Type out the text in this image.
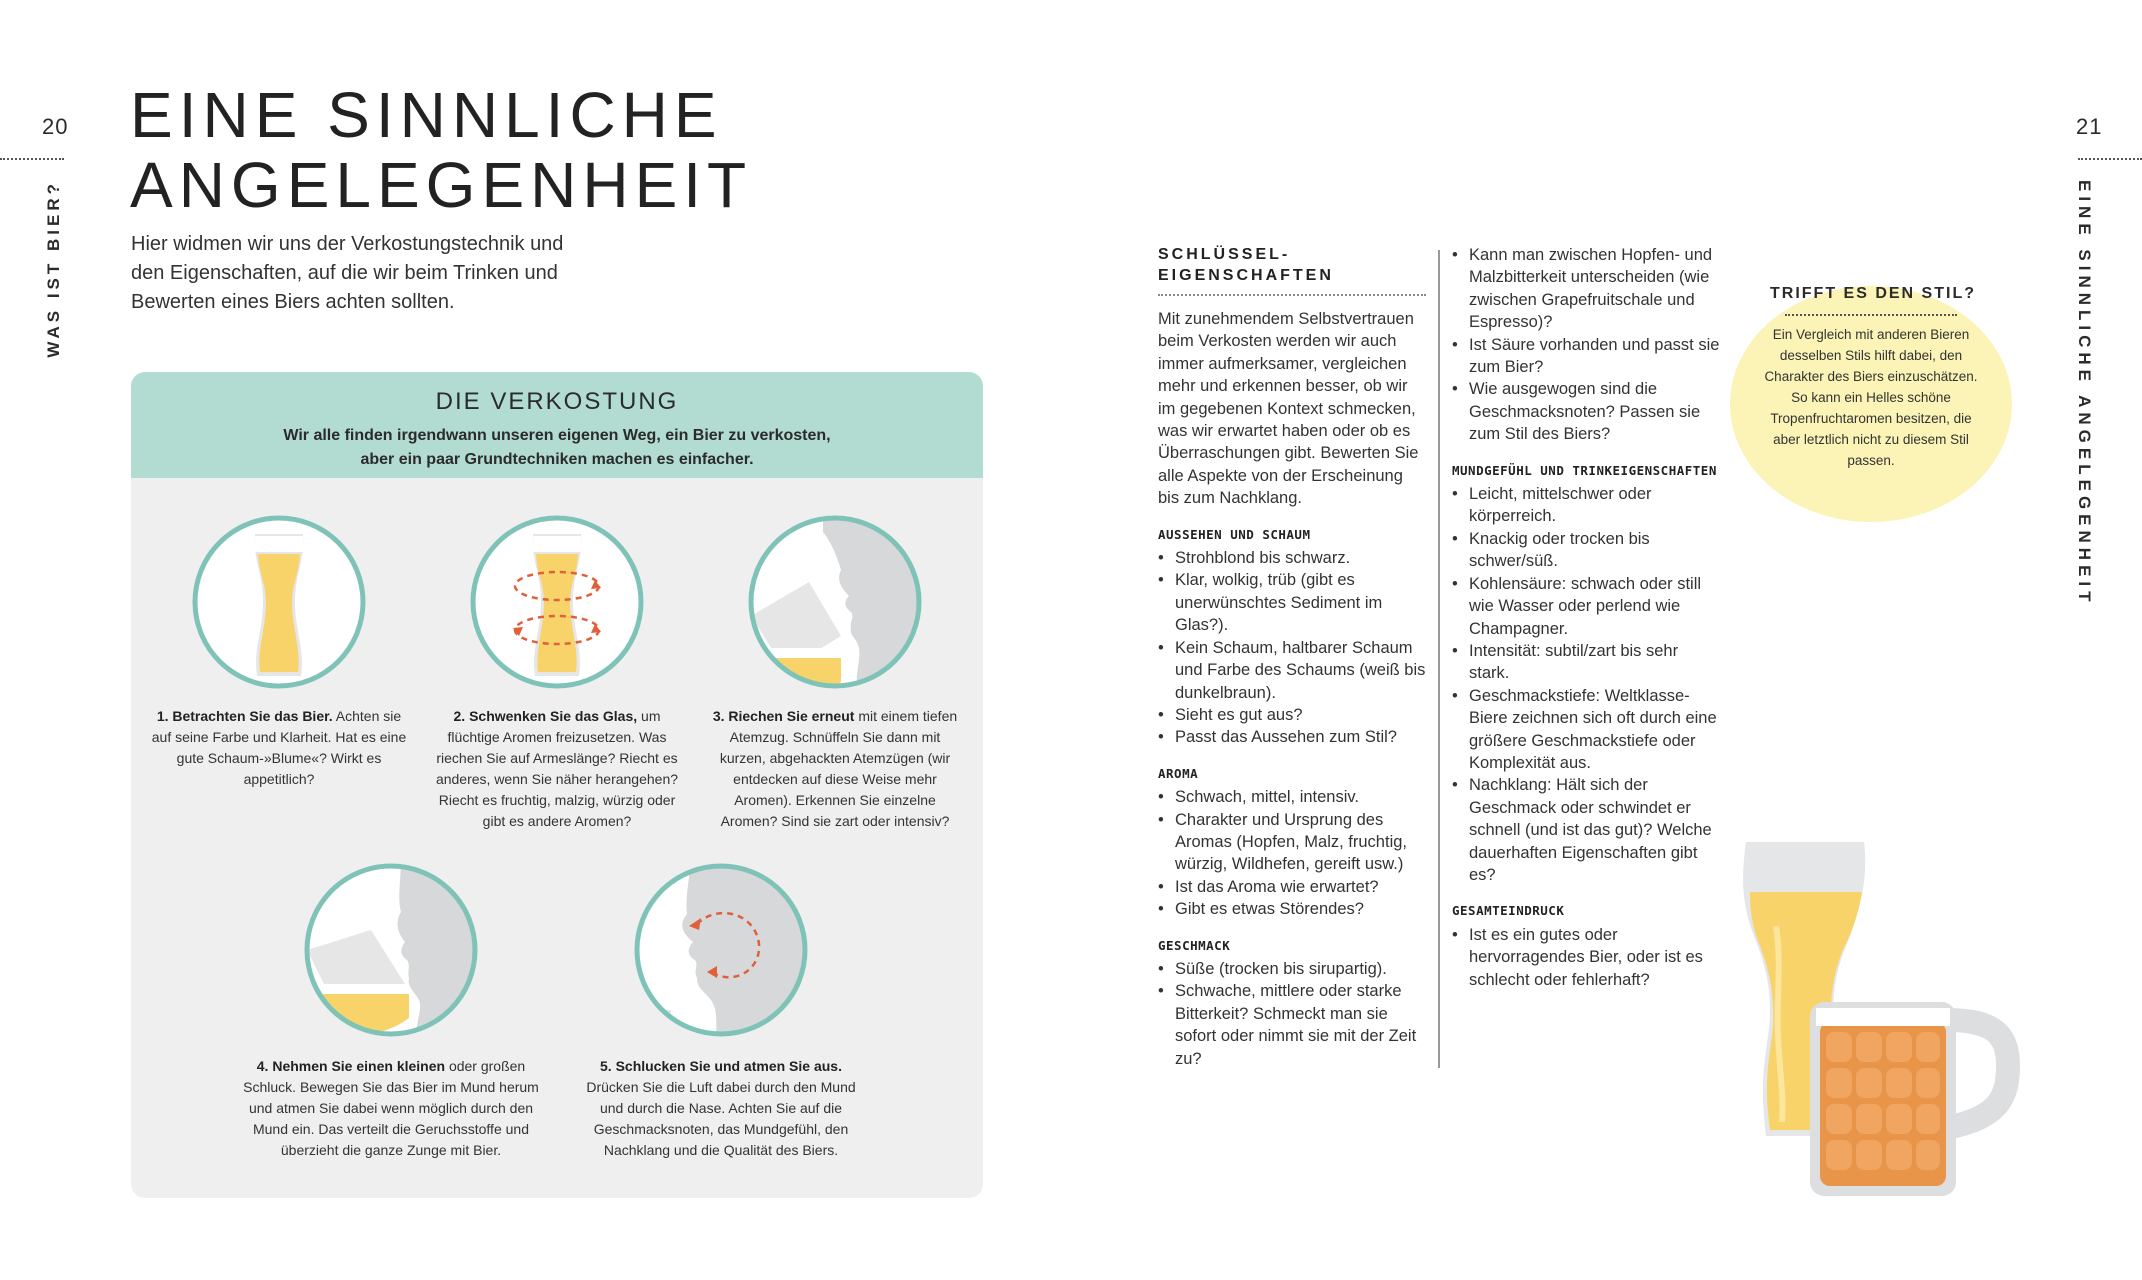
20
WAS IST BIER?
EINE SINNLICHE
ANGELEGENHEIT

Hier widmen wir uns der Verkostungstechnik und den Eigenschaften, auf die wir beim Trinken und Bewerten eines Biers achten sollten.

DIE VERKOSTUNG
Wir alle finden irgendwann unseren eigenen Weg, ein Bier zu verkosten, aber ein paar Grundtechniken machen es einfacher.
1. Betrachten Sie das Bier. Achten sie auf seine Farbe und Klarheit. Hat es eine gute Schaum-»Blume«? Wirkt es appetitlich?
2. Schwenken Sie das Glas, um flüchtige Aromen freizusetzen. Was riechen Sie auf Armeslänge? Riecht es anderes, wenn Sie näher herangehen? Riecht es fruchtig, malzig, würzig oder gibt es andere Aromen?
3. Riechen Sie erneut mit einem tiefen Atemzug. Schnüffeln Sie dann mit kurzen, abgehackten Atemzügen (wir entdecken auf diese Weise mehr Aromen). Erkennen Sie einzelne Aromen? Sind sie zart oder intensiv?
4. Nehmen Sie einen kleinen oder großen Schluck. Bewegen Sie das Bier im Mund herum und atmen Sie dabei wenn möglich durch den Mund ein. Das verteilt die Geruchsstoffe und überzieht die ganze Zunge mit Bier.
5. Schlucken Sie und atmen Sie aus. Drücken Sie die Luft dabei durch den Mund und durch die Nase. Achten Sie auf die Geschmacksnoten, das Mundgefühl, den Nachklang und die Qualität des Biers.
21
EINE SINNLICHE ANGELEGENHEIT
SCHLÜSSEL-
EIGENSCHAFTEN

Mit zunehmendem Selbstvertrauen beim Verkosten werden wir auch immer aufmerksamer, vergleichen mehr und erkennen besser, ob wir im gegebenen Kontext schmecken, was wir erwartet haben oder ob es Überraschungen gibt. Bewerten Sie alle Aspekte von der Erscheinung bis zum Nachklang.

AUSSEHEN UND SCHAUM
• Strohblond bis schwarz.
• Klar, wolkig, trüb (gibt es unerwünschtes Sediment im Glas?).
• Kein Schaum, haltbarer Schaum und Farbe des Schaums (weiß bis dunkelbraun).
• Sieht es gut aus?
• Passt das Aussehen zum Stil?
AROMA
• Schwach, mittel, intensiv.
• Charakter und Ursprung des Aromas (Hopfen, Malz, fruchtig, würzig, Wildhefen, gereift usw.)
• Ist das Aroma wie erwartet?
• Gibt es etwas Störendes?
GESCHMACK
• Süße (trocken bis sirupartig).
• Schwache, mittlere oder starke Bitterkeit? Schmeckt man sie sofort oder nimmt sie mit der Zeit zu?
• Kann man zwischen Hopfen- und Malzbitterkeit unterscheiden (wie zwischen Grapefruitschale und Espresso)?
• Ist Säure vorhanden und passt sie zum Bier?
• Wie ausgewogen sind die Geschmacksnoten? Passen sie zum Stil des Biers?
MUNDGEFÜHL UND TRINKEIGENSCHAFTEN
• Leicht, mittelschwer oder körperreich.
• Knackig oder trocken bis schwer/süß.
• Kohlensäure: schwach oder still wie Wasser oder perlend wie Champagner.
• Intensität: subtil/zart bis sehr stark.
• Geschmackstiefe: Weltklasse-Biere zeichnen sich oft durch eine größere Geschmackstiefe oder Komplexität aus.
• Nachklang: Hält sich der Geschmack oder schwindet er schnell (und ist das gut)? Welche dauerhaften Eigenschaften gibt es?
GESAMTEINDRUCK
• Ist es ein gutes oder hervorragendes Bier, oder ist es schlecht oder fehlerhaft?
TRIFFT ES DEN STIL?
Ein Vergleich mit anderen Bieren desselben Stils hilft dabei, den Charakter des Biers einzuschätzen. So kann ein Helles schöne Tropenfruchtaromen besitzen, die aber letztlich nicht zu diesem Stil passen.
